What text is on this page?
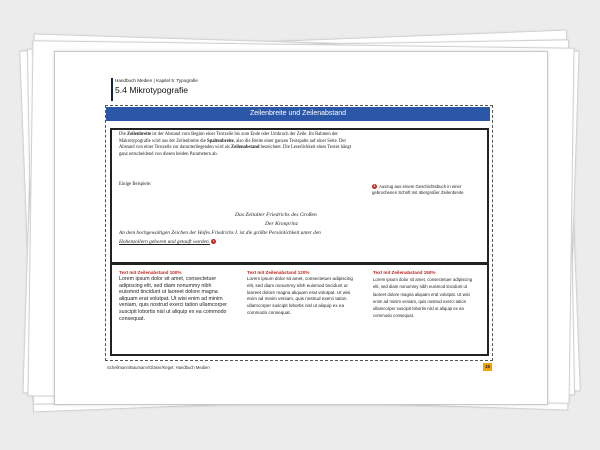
Handbuch Medien | Kapitel 5: Typografie
5.4 Mikrotypografie
Zeilenbreite und Zeilenabstand
Die Zeilenbreite ist der Abstand vom Beginn einer Textzeile bis zum Ende oder Umbruch der Zeile. Im Rahmen der Makrotypografie wird aus der Zeilenbreite die Spaltenbreite, also die Breite einer ganzen Textspalte auf einer Seite. Der Abstand von einer Textzeile zur darunterliegenden wird als Zeilenabstand bezeichnet. Die Leserlichkeit eines Textes hängt ganz entscheidend von diesen beiden Parametern ab.
Einige Beispiele:	1 Auszug aus einem Geschichtsbuch in einer gebrochenen Schrift mit übergroßer Zeilenbreite
Das Zeitalter Friedrichs des Großen
Der Kronprinz
An dem hochgewaltigen Zeichen der Hofes Friedrichs I. ist die größte Persönlichkeit unter den
Hohenzollern geboren und getauft worden. 1
Text mit Zeilenabstand 100%
Lorem ipsum dolor sit amet, consectetuer adipiscing elit, sed diam nonummy nibh euismod tincidunt ut laoreet dolore magna aliquam erat volutpat. Ut wisi enim ad minim veniam, quis nostrud exerci tation ullamcorper suscipit lobortis nisl ut aliquip ex ea commodo consequat.
Text mit Zeilenabstand 120%
Lorem ipsum dolor sit amet, consectetuer adipiscing elit, sed diam nonummy nibh euismod tincidunt ut laoreet dolore magna aliquam erat volutpat. Ut wisi enim ad minim veniam, quis nostrud exerci tation ullamcorper suscipit lobortis nisl ut aliquip ex ea commodo consequat.
Text mit Zeilenabstand 150%
Lorem ipsum dolor sit amet, consectetuer adipiscing elit, sed diam nonummy nibh euismod tincidunt ut laoreet dolore magna aliquam erat volutpat. Ut wisi enim ad minim veniam, quis nostrud exerci tation ullamcorper suscipit lobortis nisl ut aliquip ex ea commodo consequat.
Schellmann/Baumann/Gläser/Kegel: Handbuch Medien	16
